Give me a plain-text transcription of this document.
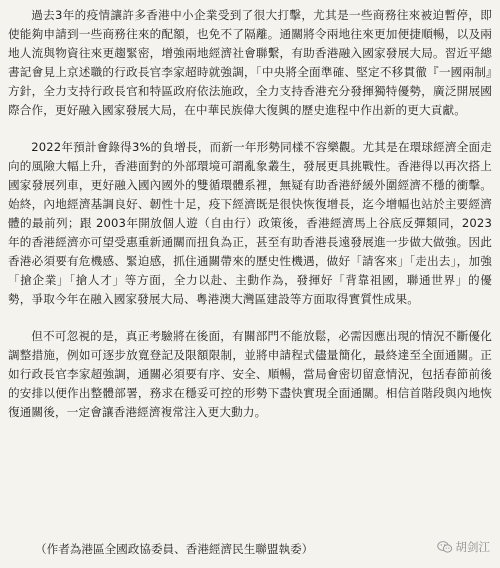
過去3年的疫情讓許多香港中小企業受到了很大打擊，尤其是一些商務往來被迫暫停，即使能夠申請到一些商務往來的配額，也免不了隔離。通關將令兩地往來更加便捷順暢，以及兩地人流與物資往來更趨緊密，增強兩地經濟社會聯繫，有助香港融入國家發展大局。習近平總書記會見上京述職的行政長官李家超時就強調，「中央將全面準確、堅定不移貫徹『一國兩制』方針，全力支持行政長官和特區政府依法施政，全力支持香港充分發揮獨特優勢，廣泛開展國際合作，更好融入國家發展大局，在中華民族偉大復興的歷史進程中作出新的更大貢獻。

2022年預計會錄得3%的負增長，而新一年形勢同樣不容樂觀。尤其是在環球經濟全面走向的風險大幅上升，香港面對的外部環境可謂亂象叢生，發展更具挑戰性。香港得以再次搭上國家發展列車，更好融入國內國外的雙循環體系裡，無疑有助香港紓緩外圍經濟不穩的衝擊。始終，內地經濟基調良好、韌性十足，疫下經濟既是很快恢復增長，迄今增幅也站於主要經濟體的最前列；跟 2003年開放個人遊（自由行）政策後，香港經濟馬上谷底反彈類同，2023年的香港經濟亦可望受惠重新通關而扭負為正，甚至有助香港長遠發展進一步做大做強。因此香港必須要有危機感、緊迫感，抓住通關帶來的歷史性機遇，做好「請客來」「走出去」，加強「搶企業」「搶人才」等方面，全力以赴、主動作為，發揮好「背靠祖國，聯通世界」的優勢，爭取今年在融入國家發展大局、粵港澳大灣區建設等方面取得實質性成果。

但不可忽視的是，真正考驗將在後面，有關部門不能放鬆，必需因應出現的情況不斷優化調整措施，例如可逐步放寬登記及限額限制，並將申請程式儘量簡化，最終達至全面通關。正如行政長官李家超強調，通關必須要有序、安全、順暢，當局會密切留意情況，包括春節前後的安排以便作出整體部署，務求在穩妥可控的形勢下盡快實現全面通關。相信首階段與內地恢復通關後，一定會讓香港經濟複常注入更大動力。

（作者為港區全國政協委員、香港經濟民生聯盟執委）	胡剑江
